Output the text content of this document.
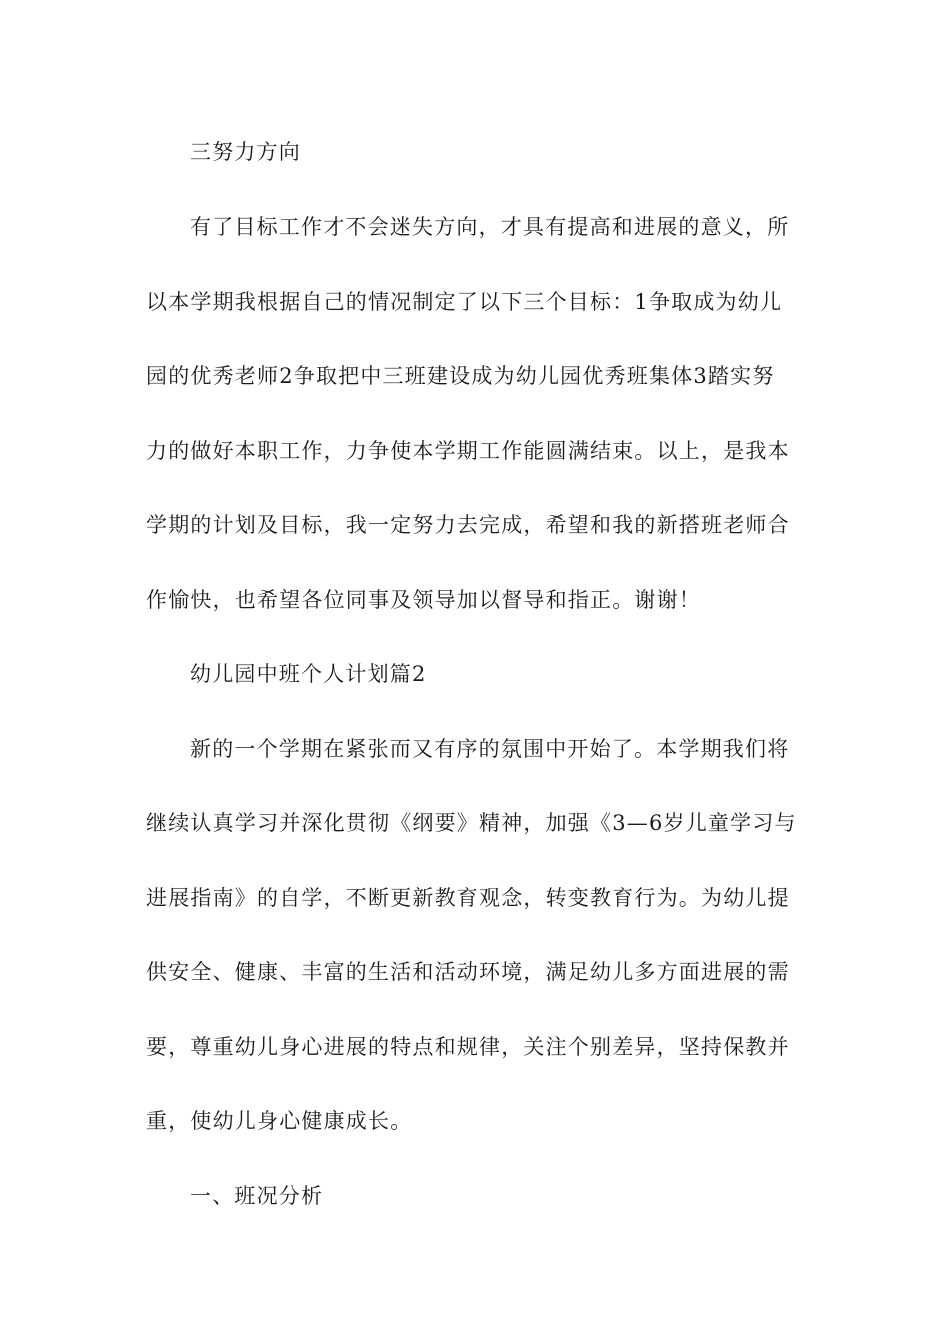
三努力方向
有了目标工作才不会迷失方向，才具有提高和进展的意义，所
以本学期我根据自己的情况制定了以下三个目标：1争取成为幼儿
园的优秀老师2争取把中三班建设成为幼儿园优秀班集体3踏实努
力的做好本职工作，力争使本学期工作能圆满结束。以上，是我本
学期的计划及目标，我一定努力去完成，希望和我的新搭班老师合
作愉快，也希望各位同事及领导加以督导和指正。谢谢！
幼儿园中班个人计划篇2
新的一个学期在紧张而又有序的氛围中开始了。本学期我们将
继续认真学习并深化贯彻《纲要》精神，加强《3—6岁儿童学习与
进展指南》的自学，不断更新教育观念，转变教育行为。为幼儿提
供安全、健康、丰富的生活和活动环境，满足幼儿多方面进展的需
要，尊重幼儿身心进展的特点和规律，关注个别差异，坚持保教并
重，使幼儿身心健康成长。
一、班况分析
